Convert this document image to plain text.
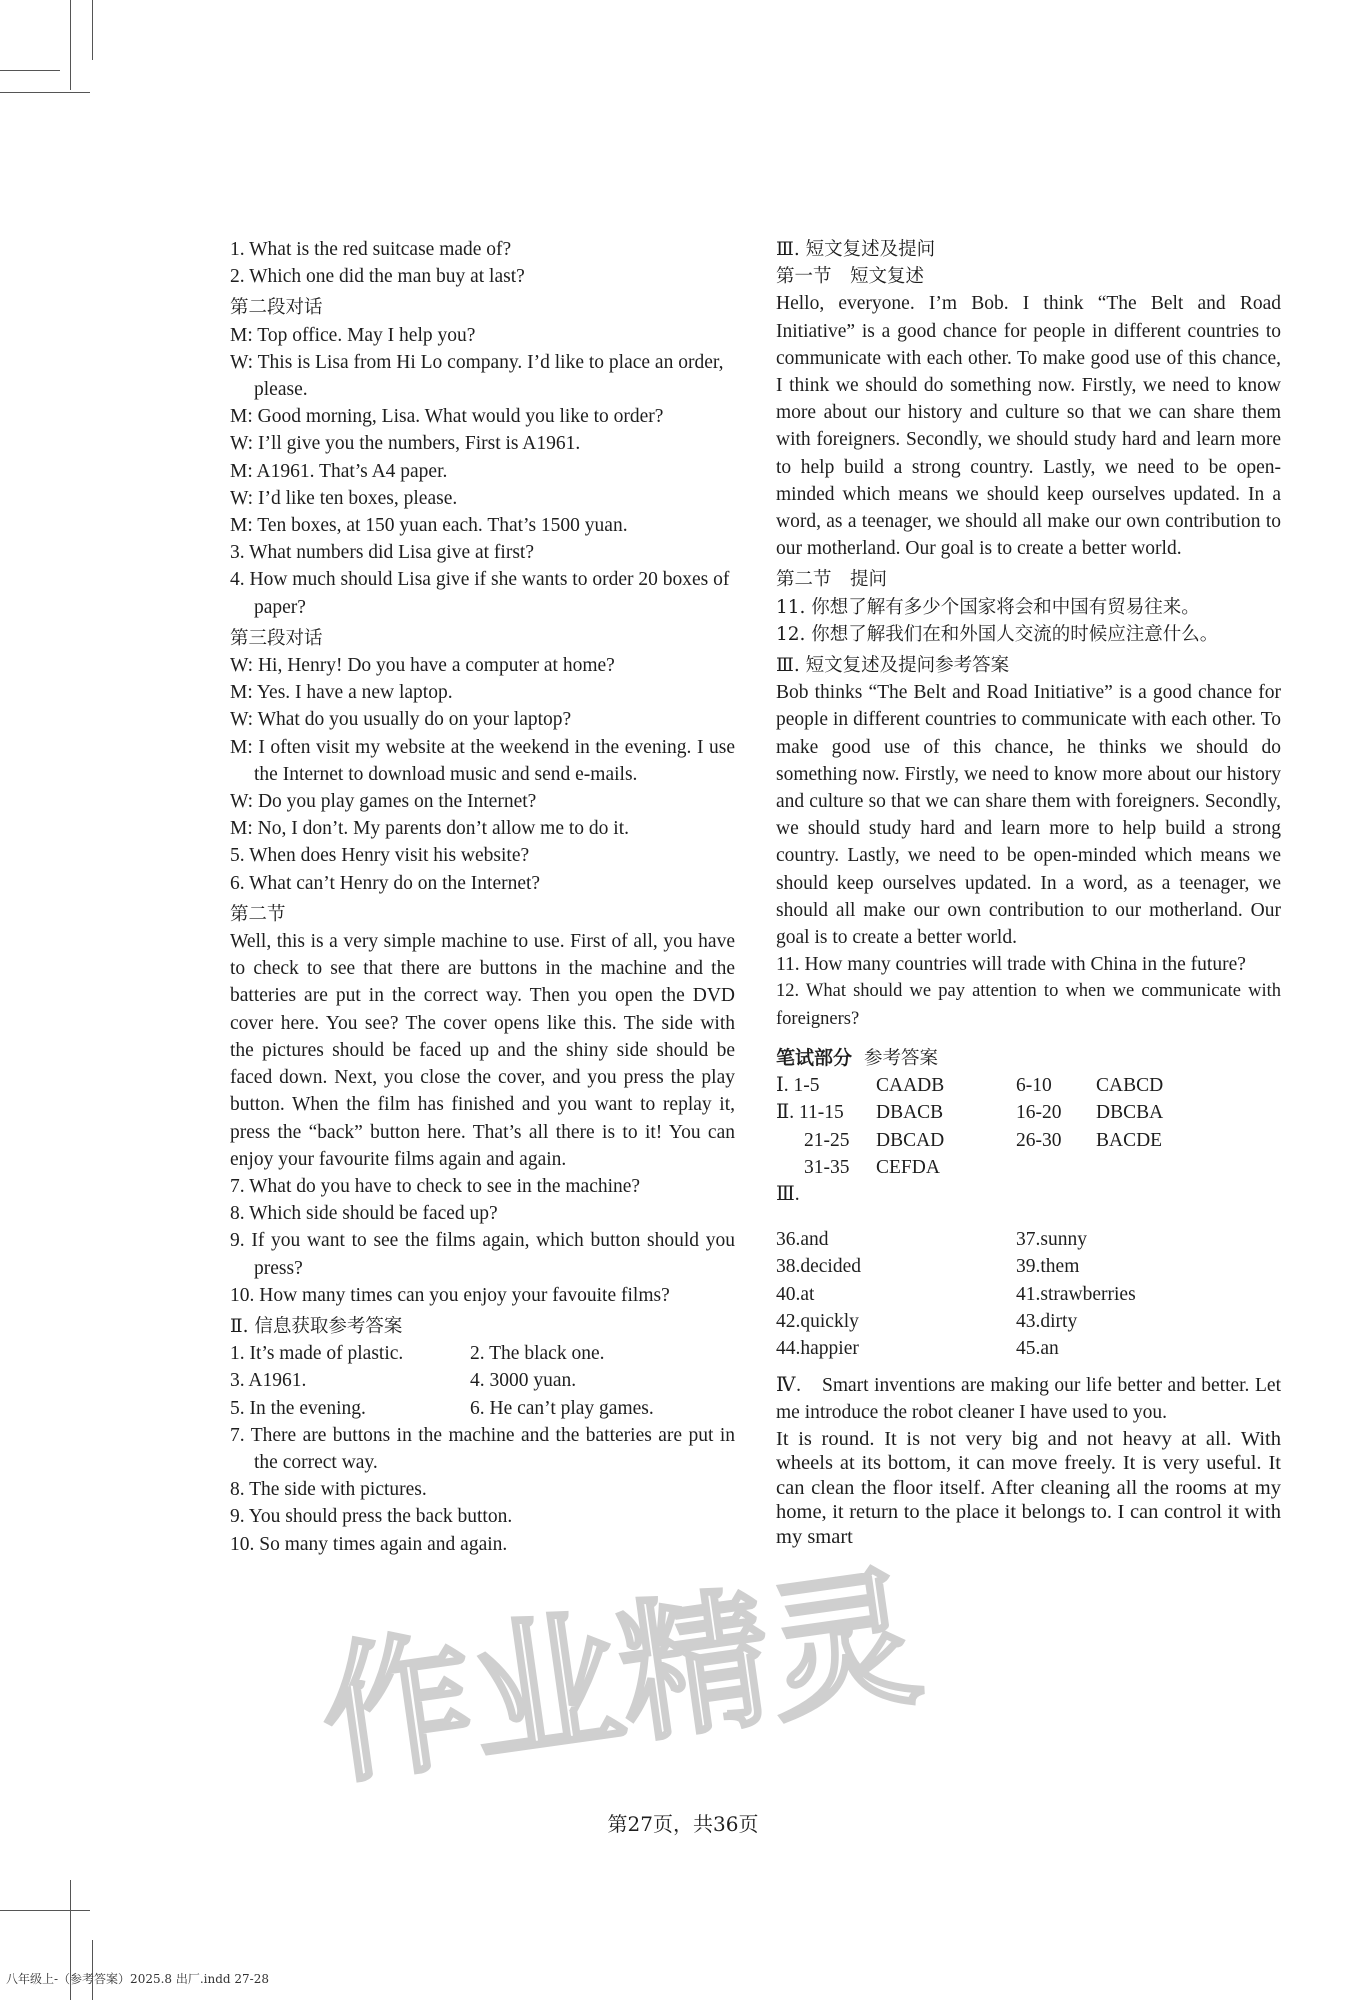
1. What is the red suitcase made of?
2. Which one did the man buy at last?
第二段对话
M: Top office. May I help you?
W: This is Lisa from Hi Lo company. I’d like to place an order, please.
M: Good morning, Lisa. What would you like to order?
W: I’ll give you the numbers, First is A1961.
M: A1961. That’s A4 paper.
W: I’d like ten boxes, please.
M: Ten boxes, at 150 yuan each. That’s 1500 yuan.
3. What numbers did Lisa give at first?
4. How much should Lisa give if she wants to order 20 boxes of paper?
第三段对话
W: Hi, Henry! Do you have a computer at home?
M: Yes. I have a new laptop.
W: What do you usually do on your laptop?
M: I often visit my website at the weekend in the evening. I use the Internet to download music and send e-mails.
W: Do you play games on the Internet?
M: No, I don’t. My parents don’t allow me to do it.
5. When does Henry visit his website?
6. What can’t Henry do on the Internet?
第二节
Well, this is a very simple machine to use. First of all, you have to check to see that there are buttons in the machine and the batteries are put in the correct way. Then you open the DVD cover here. You see? The cover opens like this. The side with the pictures should be faced up and the shiny side should be faced down. Next, you close the cover, and you press the play button. When the film has finished and you want to replay it, press the “back” button here. That’s all there is to it! You can enjoy your favourite films again and again.
7. What do you have to check to see in the machine?
8. Which side should be faced up?
9. If you want to see the films again, which button should you press?
10. How many times can you enjoy your favouite films?
Ⅱ. 信息获取参考答案
1. It’s made of plastic.	2. The black one.
3. A1961.	4. 3000 yuan.
5. In the evening.	6. He can’t play games.
7. There are buttons in the machine and the batteries are put in the correct way.
8. The side with pictures.
9. You should press the back button.
10. So many times again and again.
Ⅲ. 短文复述及提问
第一节　短文复述
Hello, everyone. I’m Bob. I think “The Belt and Road Initiative” is a good chance for people in different countries to communicate with each other. To make good use of this chance, I think we should do something now. Firstly, we need to know more about our history and culture so that we can share them with foreigners. Secondly, we should study hard and learn more to help build a strong country. Lastly, we need to be open-minded which means we should keep ourselves updated. In a word, as a teenager, we should all make our own contribution to our motherland. Our goal is to create a better world.
第二节　提问
11. 你想了解有多少个国家将会和中国有贸易往来。
12. 你想了解我们在和外国人交流的时候应注意什么。
Ⅲ. 短文复述及提问参考答案
Bob thinks “The Belt and Road Initiative” is a good chance for people in different countries to communicate with each other. To make good use of this chance, he thinks we should do something now. Firstly, we need to know more about our history and culture so that we can share them with foreigners. Secondly, we should study hard and learn more to help build a strong country. Lastly, we need to be open-minded which means we should keep ourselves updated. In a word, as a teenager, we should all make our own contribution to our motherland. Our goal is to create a better world.
11. How many countries will trade with China in the future?
12. What should we pay attention to when we communicate with foreigners?
笔试部分 参考答案
Ⅰ. 1-5	CAADB	6-10	CABCD
Ⅱ. 11-15	DBACB	16-20	DBCBA
21-25	DBCAD	26-30	BACDE
31-35	CEFDA
Ⅲ.
36.and	37.sunny
38.decided	39.them
40.at	41.strawberries
42.quickly	43.dirty
44.happier	45.an
Ⅳ.　Smart inventions are making our life better and better. Let me introduce the robot cleaner I have used to you.
It is round. It is not very big and not heavy at all. With wheels at its bottom, it can move freely. It is very useful. It can clean the floor itself. After cleaning all the rooms at my home, it return to the place it belongs to. I can control it with my smart
作业精灵
第27页，共36页
八年级上-（参考答案）2025.8 出厂.indd 27-28
